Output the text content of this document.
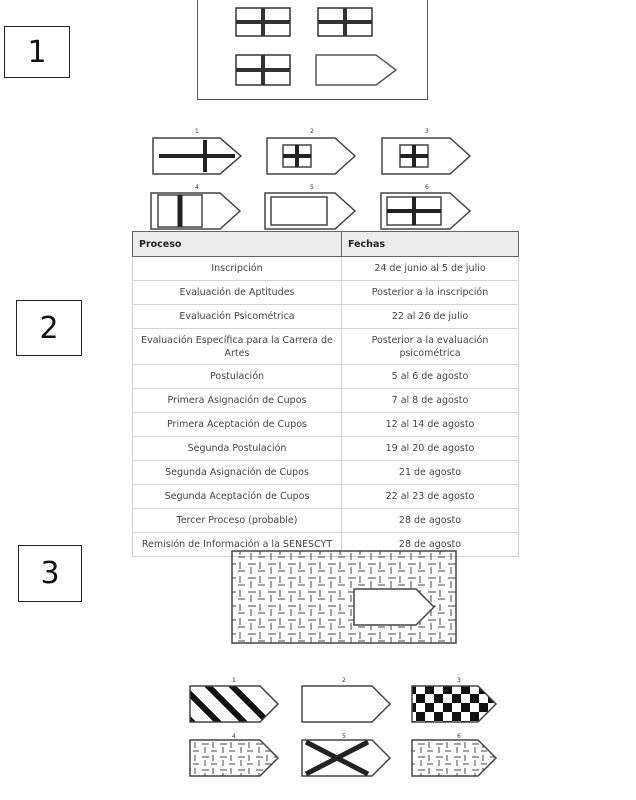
1
2
3
1	2	3
4	5	6
Proceso	Fechas
Inscripción	24 de junio al 5 de julio
Evaluación de Aptitudes	Posterior a la inscripción
Evaluación Psicométrica	22 al 26 de julio
Evaluación Específica para la Carrera de Artes	Posterior a la evaluación psicométrica
Postulación	5 al 6 de agosto
Primera Asignación de Cupos	7 al 8 de agosto
Primera Aceptación de Cupos	12 al 14 de agosto
Segunda Postulación	19 al 20 de agosto
Segunda Asignación de Cupos	21 de agosto
Segunda Aceptación de Cupos	22 al 23 de agosto
Tercer Proceso (probable)	28 de agosto
Remisión de Información a la SENESCYT	28 de agosto
1	2	3
4	5	6
